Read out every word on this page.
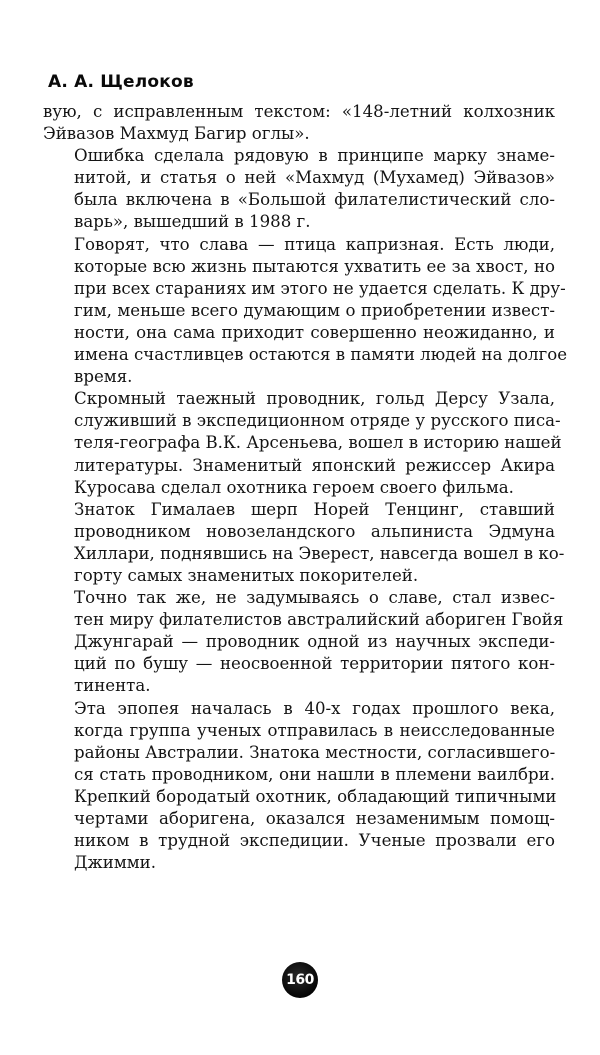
А. А. Щелоков

вую, с исправленным текстом: «148-летний колхозник
Эйвазов Махмуд Багир оглы».

Ошибка сделала рядовую в принципе марку знаме-
нитой, и статья о ней «Махмуд (Мухамед) Эйвазов»
была включена в «Большой филателистический сло-
варь», вышедший в 1988 г.

Говорят, что слава — птица капризная. Есть люди,
которые всю жизнь пытаются ухватить ее за хвост, но
при всех стараниях им этого не удается сделать. К дру-
гим, меньше всего думающим о приобретении извест-
ности, она сама приходит совершенно неожиданно, и
имена счастливцев остаются в памяти людей на долгое
время.

Скромный таежный проводник, гольд Дерсу Узала,
служивший в экспедиционном отряде у русского писа-
теля-географа В.К. Арсеньева, вошел в историю нашей
литературы. Знаменитый японский режиссер Акира
Куросава сделал охотника героем своего фильма.

Знаток Гималаев шерп Норей Тенцинг, ставший
проводником новозеландского альпиниста Эдмуна
Хиллари, поднявшись на Эверест, навсегда вошел в ко-
горту самых знаменитых покорителей.

Точно так же, не задумываясь о славе, стал извес-
тен миру филателистов австралийский абориген Гвойя
Джунгарай — проводник одной из научных экспеди-
ций по бушу — неосвоенной территории пятого кон-
тинента.

Эта эпопея началась в 40-х годах прошлого века,
когда группа ученых отправилась в неисследованные
районы Австралии. Знатока местности, согласившего-
ся стать проводником, они нашли в племени ваилбри.
Крепкий бородатый охотник, обладающий типичными
чертами аборигена, оказался незаменимым помощ-
ником в трудной экспедиции. Ученые прозвали его
Джимми.

160
